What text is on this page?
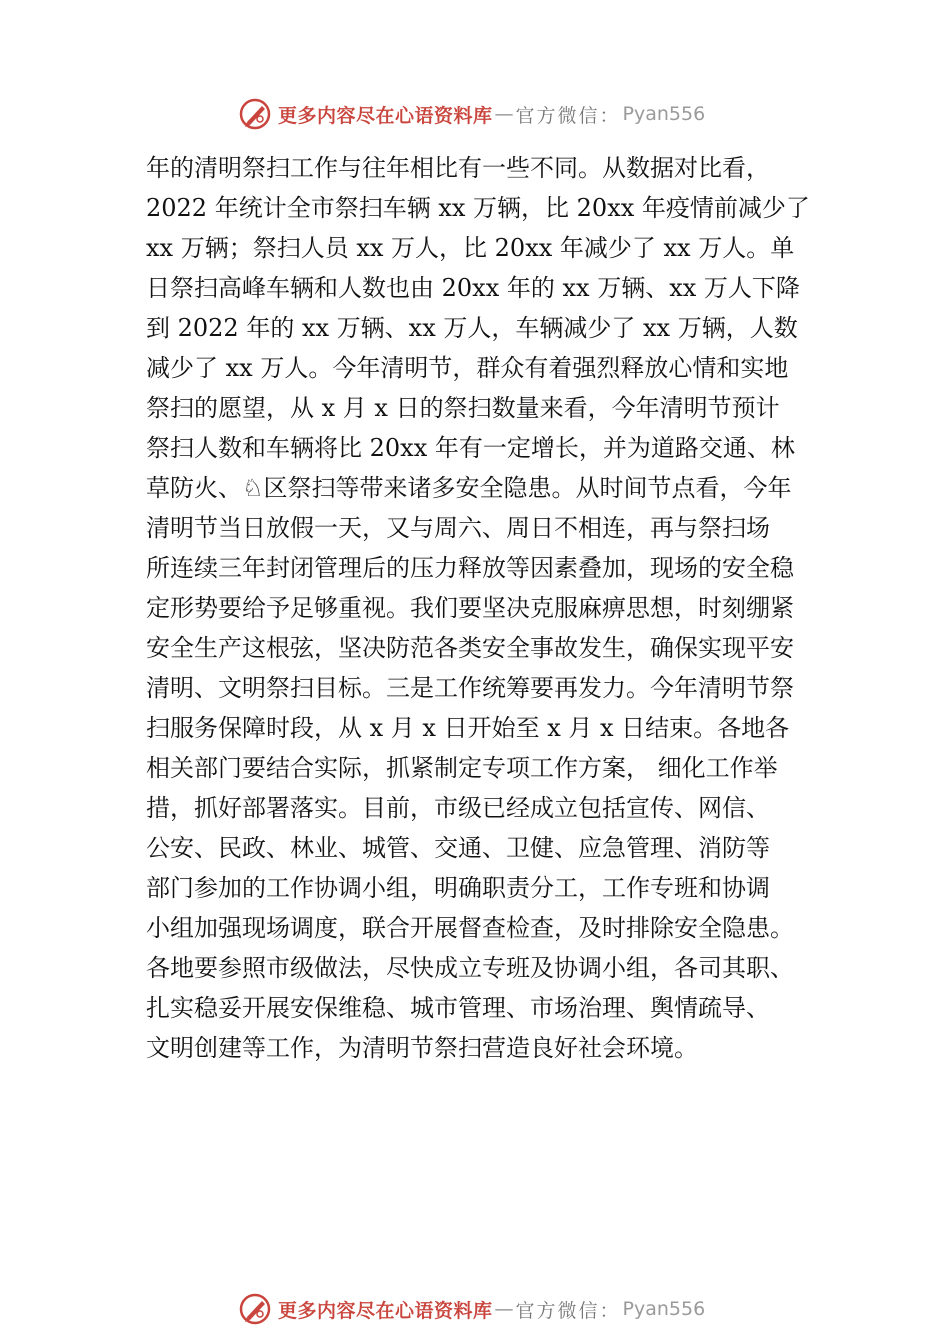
更多内容尽在心语资料库 — 官方微信： Pyan556
年的清明祭扫工作与往年相比有一些不同。从数据对比看，
2022 年统计全市祭扫车辆 xx 万辆，比 20xx 年疫情前减少了
xx 万辆；祭扫人员 xx 万人，比 20xx 年减少了 xx 万人。单
日祭扫高峰车辆和人数也由 20xx 年的 xx 万辆、xx 万人下降
到 2022 年的 xx 万辆、xx 万人，车辆减少了 xx 万辆，人数
减少了 xx 万人。今年清明节，群众有着强烈释放心情和实地
祭扫的愿望，从 x 月 x 日的祭扫数量来看，今年清明节预计
祭扫人数和车辆将比 20xx 年有一定增长，并为道路交通、林
草防火、♘区祭扫等带来诸多安全隐患。从时间节点看，今年
清明节当日放假一天，又与周六、周日不相连，再与祭扫场
所连续三年封闭管理后的压力释放等因素叠加，现场的安全稳
定形势要给予足够重视。我们要坚决克服麻痹思想，时刻绷紧
安全生产这根弦，坚决防范各类安全事故发生，确保实现平安
清明、文明祭扫目标。三是工作统筹要再发力。今年清明节祭
扫服务保障时段，从 x 月 x 日开始至 x 月 x 日结束。各地各
相关部门要结合实际，抓紧制定专项工作方案， 细化工作举
措，抓好部署落实。目前，市级已经成立包括宣传、网信、
公安、民政、林业、城管、交通、卫健、应急管理、消防等
部门参加的工作协调小组，明确职责分工，工作专班和协调
小组加强现场调度，联合开展督查检查，及时排除安全隐患。
各地要参照市级做法，尽快成立专班及协调小组，各司其职、
扎实稳妥开展安保维稳、城市管理、市场治理、舆情疏导、
文明创建等工作，为清明节祭扫营造良好社会环境。
更多内容尽在心语资料库 — 官方微信： Pyan556
